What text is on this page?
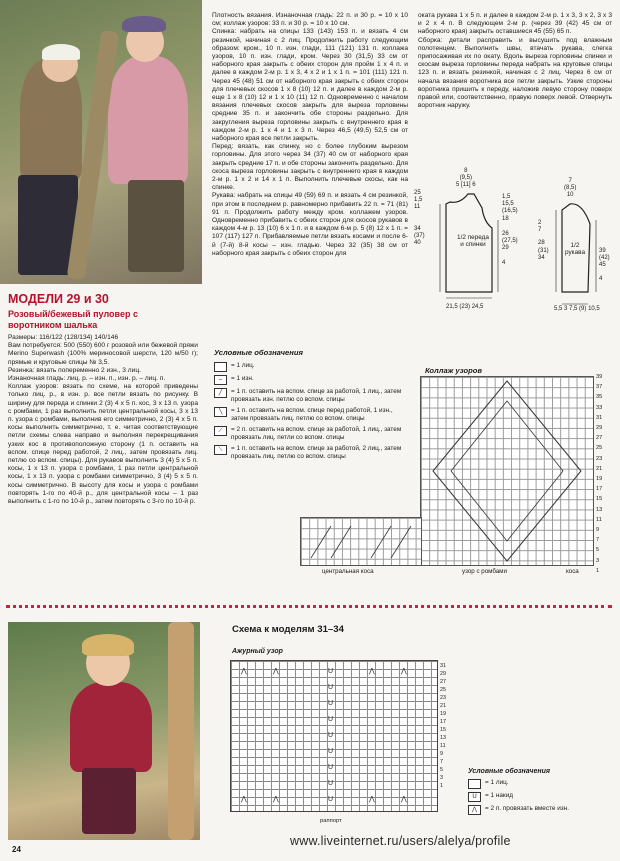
МОДЕЛИ 29 и 30
Розовый/бежевый пуловер с воротником шалька
Размеры: 116/122 (128/134) 140/146
Вам потребуется: 500 (550) 600 г розовой или бежевой пряжи Merino Superwash (100% мериносовой шерсти, 120 м/50 г); прямые и круговые спицы № 3,5.
Резинка: вязать попеременно 2 изн., 3 лиц.
Изнаночная гладь: лиц. р. – изн. п., изн. р. – лиц. п.
Коллаж узоров: вязать по схеме, на которой приведены только лиц. р., в изн. р. все петли вязать по рисунку. В ширину для переда и спинки 2 (3) 4 x 5 п. кос, 3 x 13 п. узора с ромбами, 1 раз выполнить петли центральной косы, 3 x 13 п. узора с ромбами, выполнив его симметрично, 2 (3) 4 x 5 п. косы выполнить симметрично, т. е. читая соответствующие петли схемы слева направо и выполняя перекрещивания узких кос в противоположную сторону (1 п. оставить на вспом. спице перед работой, 2 лиц., затем провязать лиц. петлю со вспом. спицы). Для рукавов выполнить 3 (4) 5 x 5 п. косы, 1 x 13 п. узора с ромбами, 1 раз петли центральной косы, 1 x 13 п. узора с ромбами симметрично, 3 (4) 5 x 5 п. косы симметрично. В высоту для косы и узора с ромбами повторять 1-го по 40-й р., для центральной косы – 1 раз выполнить с 1-го по 10-й р., затем повторять с 3-го по 10-й р.
Плотность вязания. Изнаночная гладь: 22 п. и 30 р. = 10 x 10 см; коллаж узоров: 33 п. и 30 р. = 10 x 10 см.
Спинка: набрать на спицы 133 (143) 153 п. и вязать 4 см резинкой, начиная с 2 лиц. Продолжить работу следующим образом: кром., 10 п. изн. глади, 111 (121) 131 п. коллажа узоров, 10 п. изн. глади, кром. Через 30 (31,5) 33 см от наборного края закрыть с обеих сторон для пройм 1 x 4 п. и далее в каждом 2-м р. 1 x 3, 4 x 2 и 1 x 1 п. = 101 (111) 121 п. Через 45 (48) 51 см от наборного края закрыть с обеих сторон для плечевых скосов 1 x 8 (10) 12 п. и далее в каждом 2-м р. еще 1 x 8 (10) 12 и 1 x 10 (11) 12 п. Одновременно с началом вязания плечевых скосов закрыть для выреза горловины средние 35 п. и закончить обе стороны раздельно. Для закругления выреза горловины закрыть с внутреннего края в каждом 2-м р. 1 x 4 и 1 x 3 п. Через 46,5 (49,5) 52,5 см от наборного края все петли закрыть.
Перед: вязать, как спинку, но с более глубоким вырезом горловины. Для этого через 34 (37) 40 см от наборного края закрыть средние 17 п. и обе стороны закончить раздельно. Для скоса выреза горловины закрыть с внутреннего края в каждом 2-м р. 1 x 2 и 14 x 1 п. Выполнить плечевые скосы, как на спинке.
Рукава: набрать на спицы 49 (59) 69 п. и вязать 4 см резинкой, при этом в последнем р. равномерно прибавить 22 п. = 71 (81) 91 п. Продолжить работу между кром. коллажем узоров. Одновременно прибавить с обеих сторон для скосов рукавов в каждом 4-м р. 13 (10) 6 x 1 п. и в каждом 6-м р. 5 (8) 12 x 1 п. = 107 (117) 127 п. Прибавляемые петли вязать косами и после 6-й (7-й) 8-й косы – изн. гладью. Через 32 (35) 38 см от наборного края закрыть с обеих сторон для
оката рукава 1 x 5 п. и далее в каждом 2-м р. 1 x 3, 3 x 2, 3 x 3 и 2 x 4 п. В следующем 2-м р. (через 39 (42) 45 см от наборного края) закрыть оставшиеся 45 (55) 65 п.
Сборка: детали расправить и высушить под влажным полотенцем. Выполнить швы, втачать рукава, слегка припосаживая их по окату. Вдоль выреза горловины спинки и скосам выреза горловины переда набрать на круговые спицы 123 п. и вязать резинкой, начиная с 2 лиц. Через 6 см от начала вязания воротника все петли закрыть. Узкие стороны воротника пришить к переду, наложив левую сторону поверх правой или, соответственно, правую поверх левой. Отвернуть воротник наружу.
1/2 переда и спинки	1/2 рукава
8
(9,5)
5 [11] 6
25
1,5
11
34
(37)
40
1,5
15,5
(16,5)
18
26
(27,5)
29
4
21,5 (23) 24,5
7
(8,5)
10
2
7
28
(31)
34
39
(42)
45
4
5,5 3 7,5 (9) 10,5
Условные обозначения
= 1 лиц.
–	= 1 изн.
╱	= 1 п. оставить на вспом. спице за работой, 1 лиц., затем провязать изн. петлю со вспом. спицы
╲	= 1 п. оставить на вспом. спице перед работой, 1 изн., затем провязать лиц. петлю со вспом. спицы
⟋	= 2 п. оставить на вспом. спице за работой, 1 лиц., затем провязать лиц. петли со вспом. спицы
⟍	= 1 п. оставить на вспом. спице за работой, 2 лиц., затем провязать лиц. петлю со вспом. спицы
Коллаж узоров
39
37
35
33
31
29
27
25
23
21
19
17
15
13
11
9
7
5
3
1
центральная коса	узор с ромбами	коса
Схема к моделям 31–34
Ажурный узор
U
U
U
U
U
U
U
U
U
⋀	⋀	⋀	⋀
⋀	⋀	⋀	⋀
31
29
27
25
23
21
19
17
15
13
11
9
7
5
3
1
раппорт
Условные обозначения
= 1 лиц.
U	= 1 накид
⋀	= 2 п. провязать вместе изн.
24
www.liveinternet.ru/users/alelya/profile
